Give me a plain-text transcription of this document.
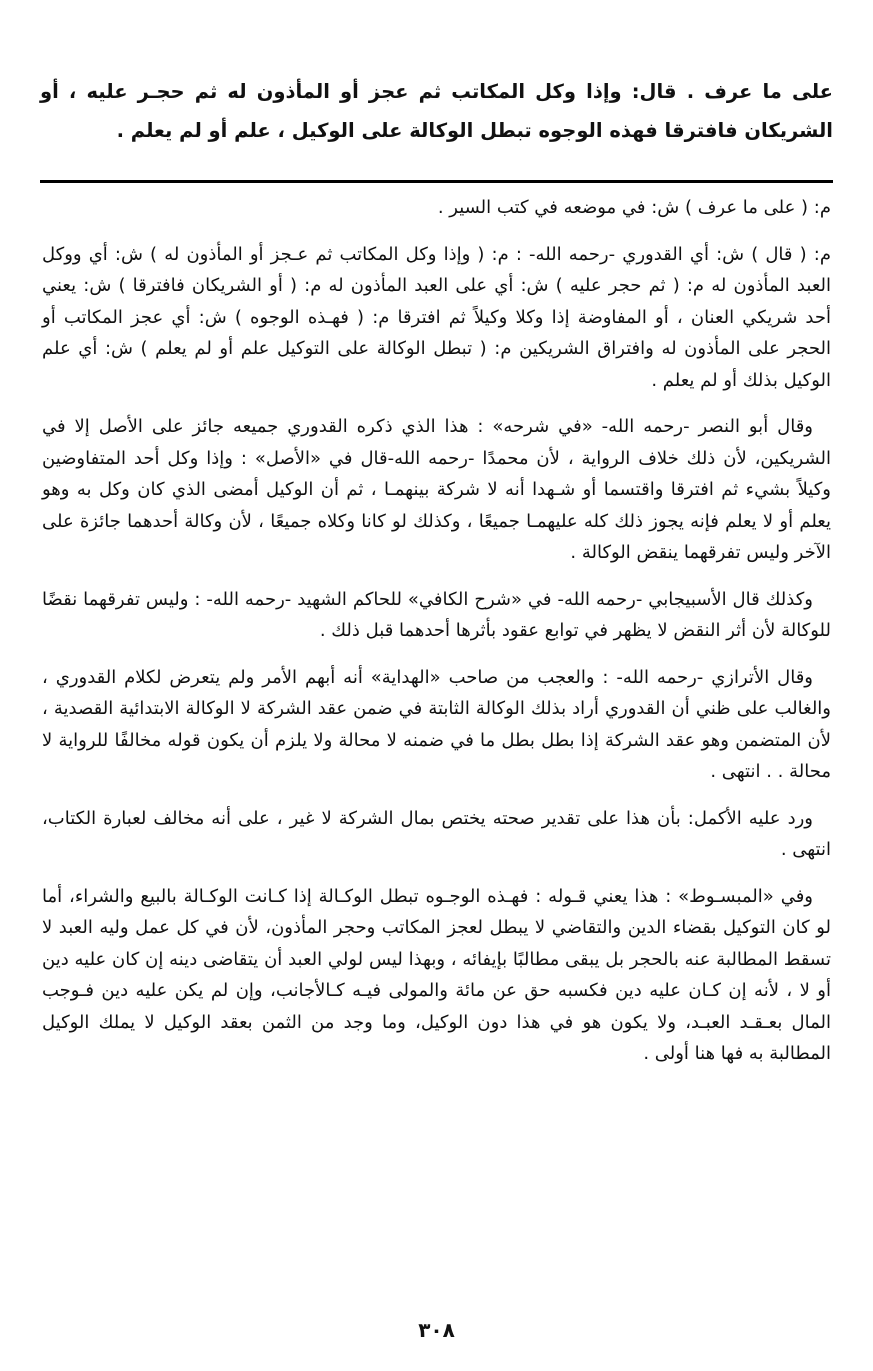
على ما عرف . قال: وإذا وكل المكاتب ثم عجز أو المأذون له ثم حجـر عليه ، أو الشريكان فافترقا فهذه الوجوه تبطل الوكالة على الوكيل ، علم أو لم يعلم .

م: ( على ما عرف ) ش: في موضعه في كتب السير .

م: ( قال ) ش: أي القدوري -رحمه الله- : م: ( وإذا وكل المكاتب ثم عـجز أو المأذون له ) ش: أي ووكل العبد المأذون له م: ( ثم حجر عليه ) ش: أي على العبد المأذون له م: ( أو الشريكان فافترقا ) ش: يعني أحد شريكي العنان ، أو المفاوضة إذا وكلا وكيلاً ثم افترقا م: ( فهـذه الوجوه ) ش: أي عجز المكاتب أو الحجر على المأذون له وافتراق الشريكين م: ( تبطل الوكالة على التوكيل علم أو لم يعلم ) ش: أي علم الوكيل بذلك أو لم يعلم .

وقال أبو النصر -رحمه الله- «في شرحه» : هذا الذي ذكره القدوري جميعه جائز على الأصل إلا في الشريكين، لأن ذلك خلاف الرواية ، لأن محمدًا -رحمه الله-قال في «الأصل» : وإذا وكل أحد المتفاوضين وكيلاً بشيء ثم افترقا واقتسما أو شـهدا أنه لا شركة بينهمـا ، ثم أن الوكيل أمضى الذي كان وكل به وهو يعلم أو لا يعلم فإنه يجوز ذلك كله عليهمـا جميعًا ، وكذلك لو كانا وكلاه جميعًا ، لأن وكالة أحدهما جائزة على الآخر وليس تفرقهما ينقض الوكالة .

وكذلك قال الأسبيجابي -رحمه الله- في «شرح الكافي» للحاكم الشهيد -رحمه الله- : وليس تفرقهما نقضًا للوكالة لأن أثر النقض لا يظهر في توابع عقود بأثرها أحدهما قبل ذلك .

وقال الأترازي -رحمه الله- : والعجب من صاحب «الهداية» أنه أبهم الأمر ولم يتعرض لكلام القدوري ، والغالب على ظني أن القدوري أراد بذلك الوكالة الثابتة في ضمن عقد الشركة لا الوكالة الابتدائية القصدية ، لأن المتضمن وهو عقد الشركة إذا بطل بطل ما في ضمنه لا محالة ولا يلزم أن يكون قوله مخالفًا للرواية لا محالة . . انتهى .

ورد عليه الأكمل: بأن هذا على تقدير صحته يختص بمال الشركة لا غير ، على أنه مخالف لعبارة الكتاب، انتهى .

وفي «المبسـوط» : هذا يعني قـوله : فهـذه الوجـوه تبطل الوكـالة إذا كـانت الوكـالة بالبيع والشراء، أما لو كان التوكيل بقضاء الدين والتقاضي لا يبطل لعجز المكاتب وحجر المأذون، لأن في كل عمل وليه العبد لا تسقط المطالبة عنه بالحجر بل يبقى مطالبًا بإيفائه ، وبهذا ليس لولي العبد أن يتقاضى دينه إن كان عليه دين أو لا ، لأنه إن كـان عليه دين فكسبه حق عن مائة والمولى فيـه كـالأجانب، وإن لم يكن عليه دين فـوجب المال بعـقـد العبـد، ولا يكون هو في هذا دون الوكيل، وما وجد من الثمن بعقد الوكيل لا يملك الوكيل المطالبة به فها هنا أولى .

٣٠٨
